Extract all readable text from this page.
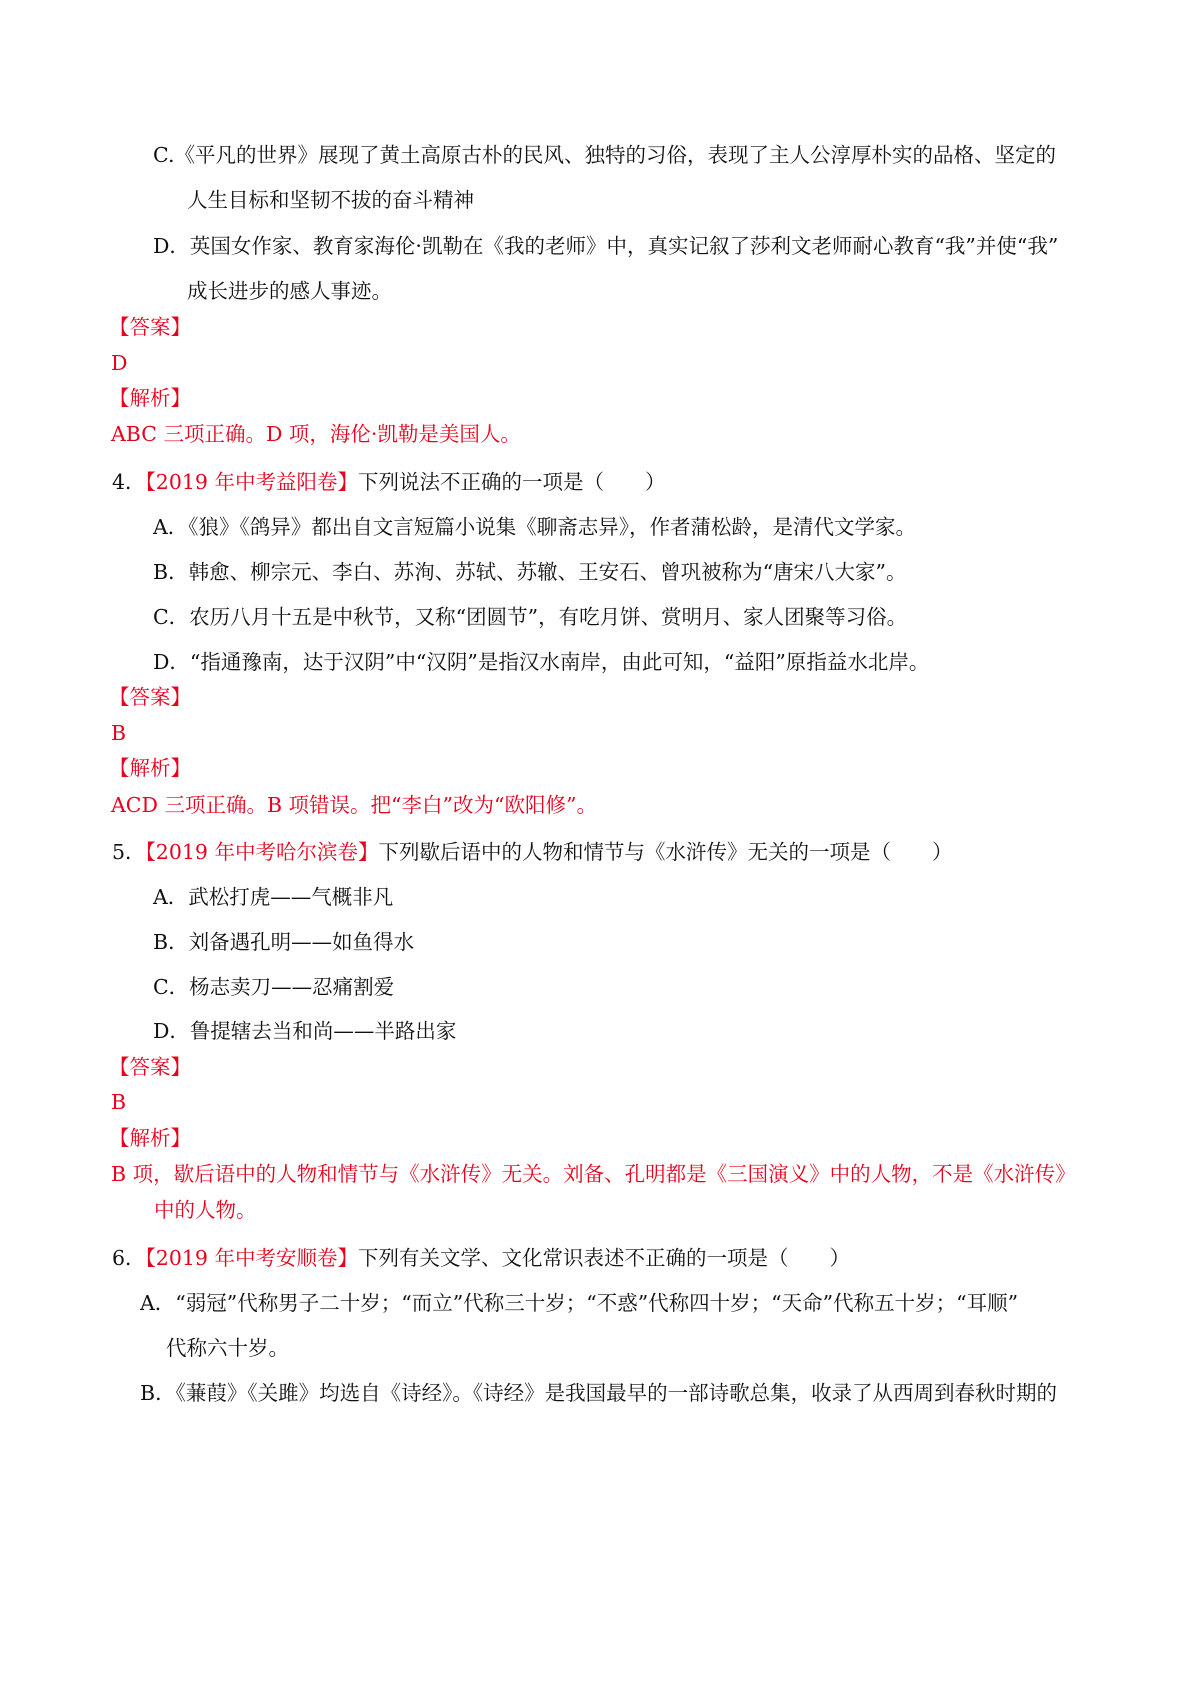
C.《平凡的世界》展现了黄土高原古朴的民风、独特的习俗，表现了主人公淳厚朴实的品格、坚定的
人生目标和坚韧不拔的奋斗精神
D．英国女作家、教育家海伦·凯勒在《我的老师》中，真实记叙了莎利文老师耐心教育“我”并使“我”
成长进步的感人事迹。
【答案】
D
【解析】
ABC 三项正确。D 项，海伦·凯勒是美国人。
4．【2019 年中考益阳卷】下列说法不正确的一项是（　　）
A．《狼》《鸽异》都出自文言短篇小说集《聊斋志异》，作者蒲松龄，是清代文学家。
B．韩愈、柳宗元、李白、苏洵、苏轼、苏辙、王安石、曾巩被称为“唐宋八大家”。
C．农历八月十五是中秋节，又称“团圆节”，有吃月饼、赏明月、家人团聚等习俗。
D．“指通豫南，达于汉阴”中“汉阴”是指汉水南岸，由此可知，“益阳”原指益水北岸。
【答案】
B
【解析】
ACD 三项正确。B 项错误。把“李白”改为“欧阳修”。
5．【2019 年中考哈尔滨卷】下列歇后语中的人物和情节与《水浒传》无关的一项是（　　）
A．武松打虎——气概非凡
B．刘备遇孔明——如鱼得水
C．杨志卖刀——忍痛割爱
D．鲁提辖去当和尚——半路出家
【答案】
B
【解析】
B 项，歇后语中的人物和情节与《水浒传》无关。刘备、孔明都是《三国演义》中的人物，不是《水浒传》
中的人物。
6．【2019 年中考安顺卷】下列有关文学、文化常识表述不正确的一项是（　　）
A．“弱冠”代称男子二十岁；“而立”代称三十岁；“不惑”代称四十岁；“天命”代称五十岁；“耳顺”
代称六十岁。
B．《蒹葭》《关雎》均选自《诗经》。《诗经》是我国最早的一部诗歌总集，收录了从西周到春秋时期的
